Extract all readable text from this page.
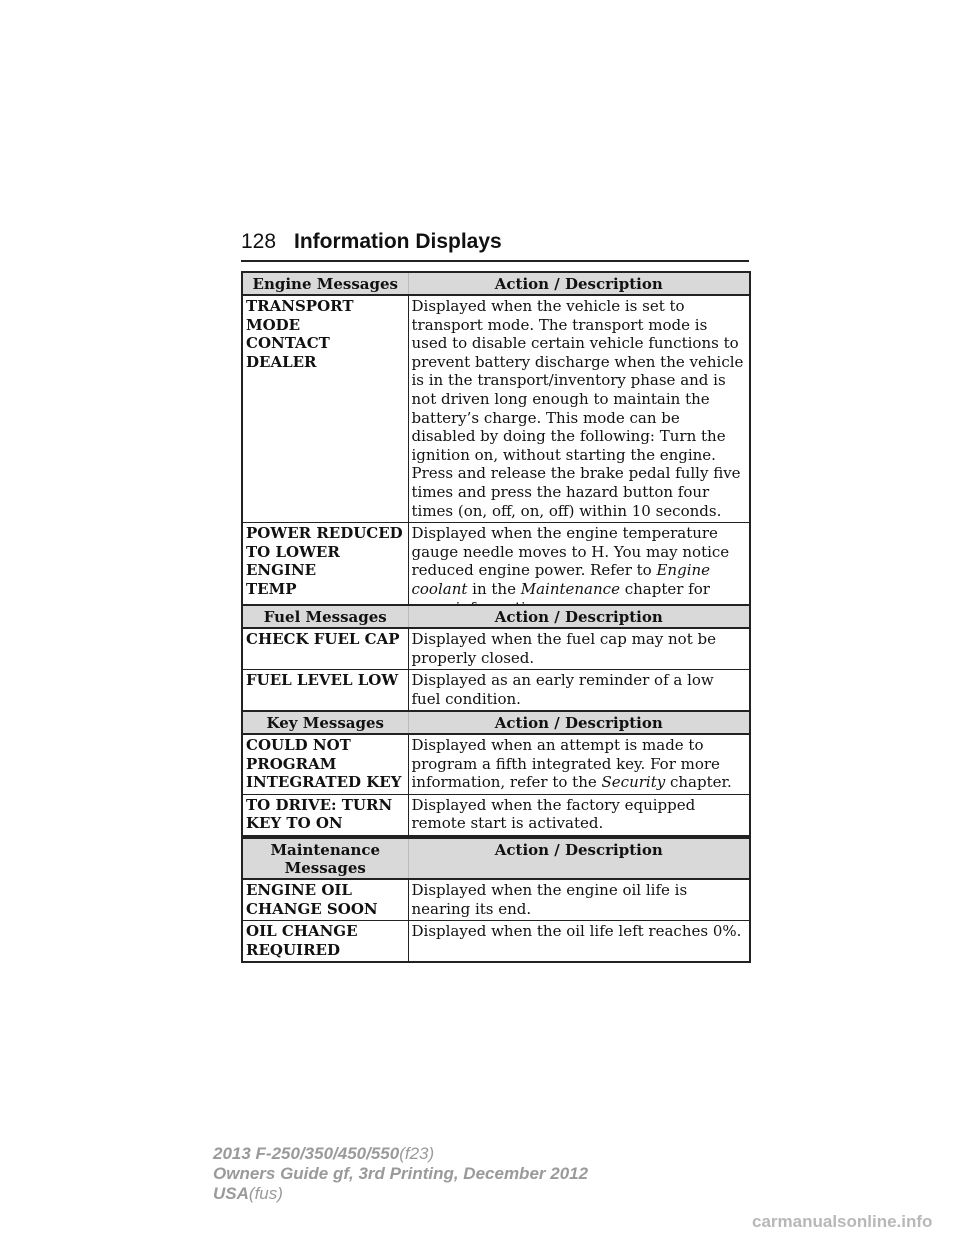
128 Information Displays
Engine Messages	Action / Description

TRANSPORT MODE
CONTACT DEALER	Displayed when the vehicle is set to transport mode. The transport mode is used to disable certain vehicle functions to prevent battery discharge when the vehicle is in the transport/inventory phase and is not driven long enough to maintain the battery’s charge. This mode can be disabled by doing the following: Turn the ignition on, without starting the engine. Press and release the brake pedal fully five times and press the hazard button four times (on, off, on, off) within 10 seconds.

POWER REDUCED
TO LOWER ENGINE
TEMP	Displayed when the engine temperature gauge needle moves to H. You may notice reduced engine power. Refer to Engine coolant in the Maintenance chapter for
Fuel Messages	Action / Description

CHECK FUEL CAP	Displayed when the fuel cap may not be properly closed.

FUEL LEVEL LOW	Displayed as an early reminder of a low fuel condition.
Key Messages	Action / Description

COULD NOT
PROGRAM
INTEGRATED KEY	Displayed when an attempt is made to program a fifth integrated key. For more information, refer to the Security chapter.

TO DRIVE: TURN
KEY TO ON	Displayed when the factory equipped remote start is activated.
Maintenance Messages	Action / Description

ENGINE OIL
CHANGE SOON	Displayed when the engine oil life is nearing its end.

OIL CHANGE
REQUIRED	Displayed when the oil life left reaches 0%.
2013 F-250/350/450/550(f23)
Owners Guide gf, 3rd Printing, December 2012
USA(fus)
carmanualsonline.info
